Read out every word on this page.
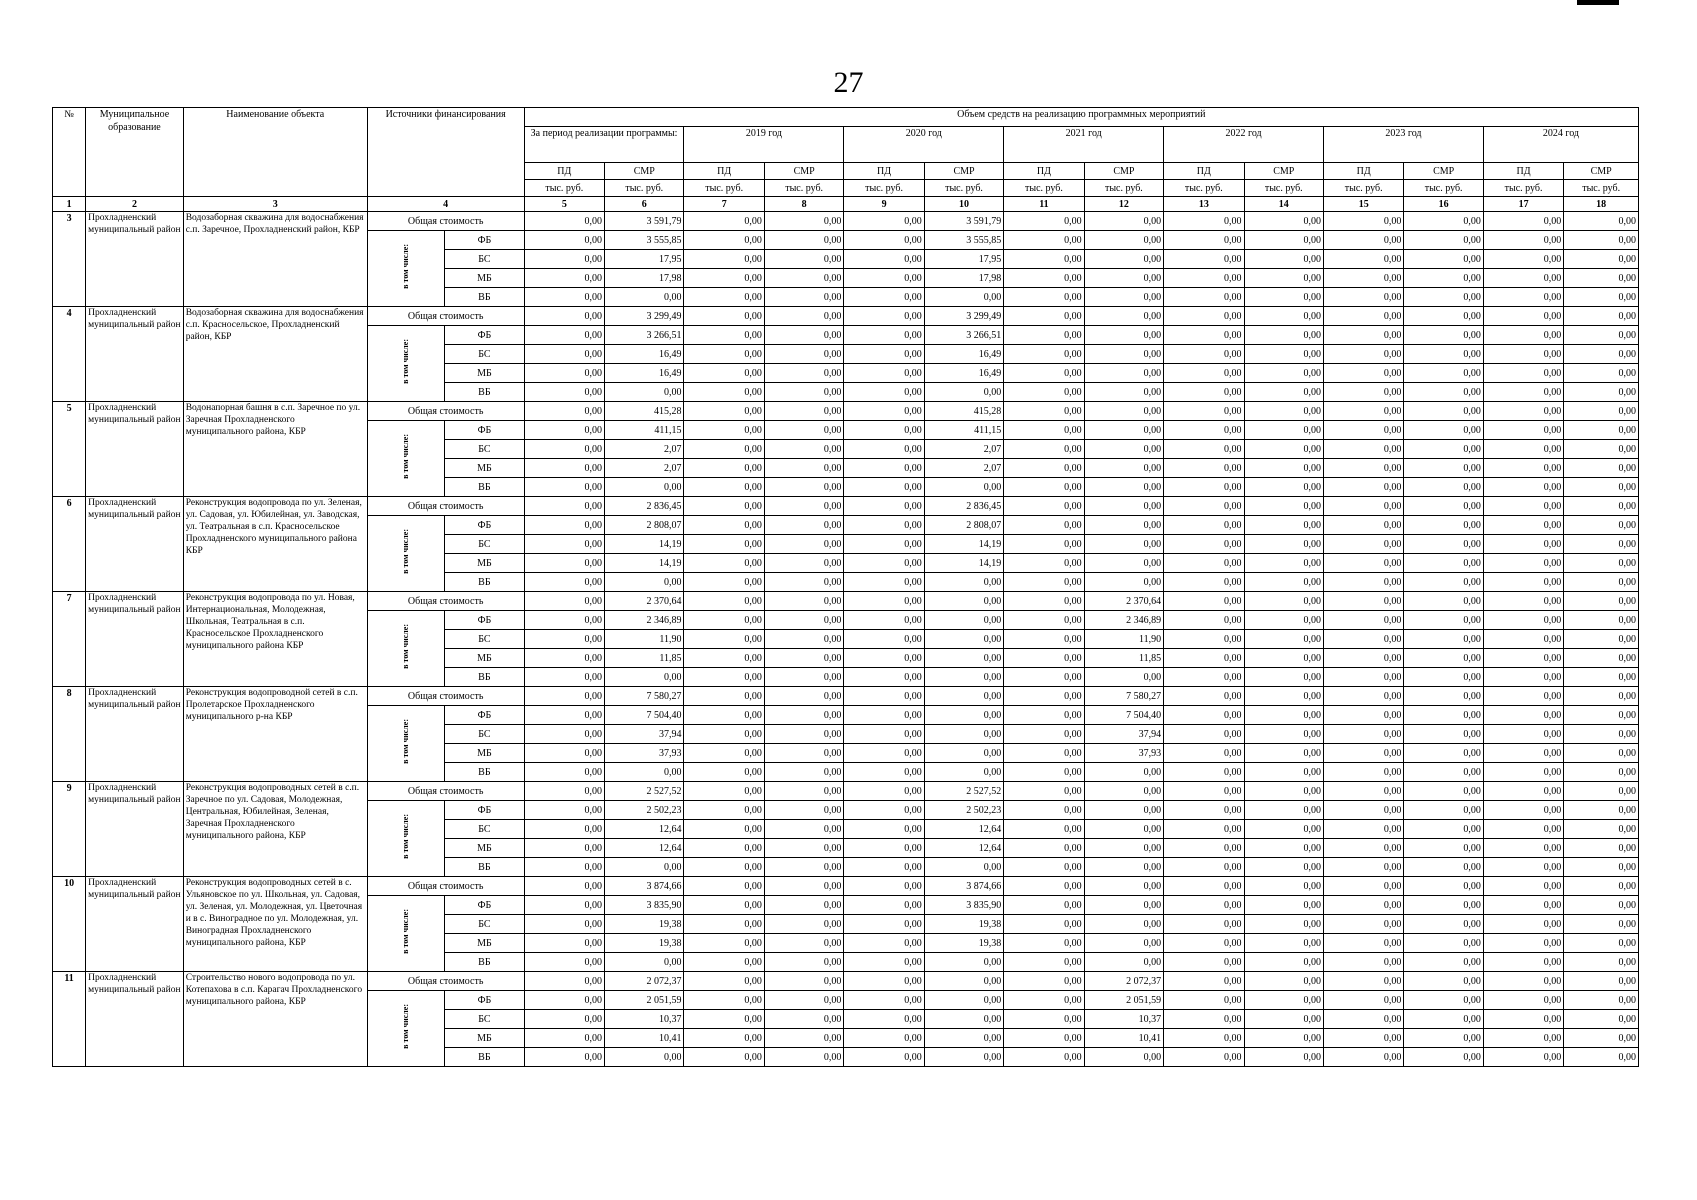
27
№	Муниципальное образование	Наименование объекта	Источники финансирования		Объем средств на реализацию программных мероприятий													
					За период реализации программы:		2019 год		2020 год		2021 год		2022 год		2023 год		2024 год	
					ПД	СМР	ПД	СМР	ПД	СМР	ПД	СМР	ПД	СМР	ПД	СМР	ПД	СМР
					тыс. руб.	тыс. руб.	тыс. руб.	тыс. руб.	тыс. руб.	тыс. руб.	тыс. руб.	тыс. руб.	тыс. руб.	тыс. руб.	тыс. руб.	тыс. руб.	тыс. руб.	тыс. руб.
1	2	3	4		5	6	7	8	9	10	11	12	13	14	15	16	17	18
3	Прохладненский муниципальный район	Водозаборная скважина для водоснабжения с.п. Заречное, Прохладненский район, КБР	Общая стоимость		0,00	3 591,79	0,00	0,00	0,00	3 591,79	0,00	0,00	0,00	0,00	0,00	0,00	0,00	0,00
			в том числе:	ФБ	0,00	3 555,85	0,00	0,00	0,00	3 555,85	0,00	0,00	0,00	0,00	0,00	0,00	0,00	0,00
				БС	0,00	17,95	0,00	0,00	0,00	17,95	0,00	0,00	0,00	0,00	0,00	0,00	0,00	0,00
				МБ	0,00	17,98	0,00	0,00	0,00	17,98	0,00	0,00	0,00	0,00	0,00	0,00	0,00	0,00
				ВБ	0,00	0,00	0,00	0,00	0,00	0,00	0,00	0,00	0,00	0,00	0,00	0,00	0,00	0,00
4	Прохладненский муниципальный район	Водозаборная скважина для водоснабжения с.п. Красносельское, Прохладненский район, КБР	Общая стоимость		0,00	3 299,49	0,00	0,00	0,00	3 299,49	0,00	0,00	0,00	0,00	0,00	0,00	0,00	0,00
			в том числе:	ФБ	0,00	3 266,51	0,00	0,00	0,00	3 266,51	0,00	0,00	0,00	0,00	0,00	0,00	0,00	0,00
				БС	0,00	16,49	0,00	0,00	0,00	16,49	0,00	0,00	0,00	0,00	0,00	0,00	0,00	0,00
				МБ	0,00	16,49	0,00	0,00	0,00	16,49	0,00	0,00	0,00	0,00	0,00	0,00	0,00	0,00
				ВБ	0,00	0,00	0,00	0,00	0,00	0,00	0,00	0,00	0,00	0,00	0,00	0,00	0,00	0,00
5	Прохладненский муниципальный район	Водонапорная башня в с.п. Заречное по ул. Заречная Прохладненского муниципального района, КБР	Общая стоимость		0,00	415,28	0,00	0,00	0,00	415,28	0,00	0,00	0,00	0,00	0,00	0,00	0,00	0,00
			в том числе:	ФБ	0,00	411,15	0,00	0,00	0,00	411,15	0,00	0,00	0,00	0,00	0,00	0,00	0,00	0,00
				БС	0,00	2,07	0,00	0,00	0,00	2,07	0,00	0,00	0,00	0,00	0,00	0,00	0,00	0,00
				МБ	0,00	2,07	0,00	0,00	0,00	2,07	0,00	0,00	0,00	0,00	0,00	0,00	0,00	0,00
				ВБ	0,00	0,00	0,00	0,00	0,00	0,00	0,00	0,00	0,00	0,00	0,00	0,00	0,00	0,00
6	Прохладненский муниципальный район	Реконструкция водопровода по ул. Зеленая, ул. Садовая, ул. Юбилейная, ул. Заводская, ул. Театральная в с.п. Красносельское Прохладненского муниципального района КБР	Общая стоимость		0,00	2 836,45	0,00	0,00	0,00	2 836,45	0,00	0,00	0,00	0,00	0,00	0,00	0,00	0,00
			в том числе:	ФБ	0,00	2 808,07	0,00	0,00	0,00	2 808,07	0,00	0,00	0,00	0,00	0,00	0,00	0,00	0,00
				БС	0,00	14,19	0,00	0,00	0,00	14,19	0,00	0,00	0,00	0,00	0,00	0,00	0,00	0,00
				МБ	0,00	14,19	0,00	0,00	0,00	14,19	0,00	0,00	0,00	0,00	0,00	0,00	0,00	0,00
				ВБ	0,00	0,00	0,00	0,00	0,00	0,00	0,00	0,00	0,00	0,00	0,00	0,00	0,00	0,00
7	Прохладненский муниципальный район	Реконструкция водопровода по ул. Новая, Интернациональная, Молодежная, Школьная, Театральная в с.п. Красносельское Прохладненского муниципального района КБР	Общая стоимость		0,00	2 370,64	0,00	0,00	0,00	0,00	0,00	2 370,64	0,00	0,00	0,00	0,00	0,00	0,00
			в том числе:	ФБ	0,00	2 346,89	0,00	0,00	0,00	0,00	0,00	2 346,89	0,00	0,00	0,00	0,00	0,00	0,00
				БС	0,00	11,90	0,00	0,00	0,00	0,00	0,00	11,90	0,00	0,00	0,00	0,00	0,00	0,00
				МБ	0,00	11,85	0,00	0,00	0,00	0,00	0,00	11,85	0,00	0,00	0,00	0,00	0,00	0,00
				ВБ	0,00	0,00	0,00	0,00	0,00	0,00	0,00	0,00	0,00	0,00	0,00	0,00	0,00	0,00
8	Прохладненский муниципальный район	Реконструкция водопроводной сетей в с.п. Пролетарское Прохладненского муниципального р-на КБР	Общая стоимость		0,00	7 580,27	0,00	0,00	0,00	0,00	0,00	7 580,27	0,00	0,00	0,00	0,00	0,00	0,00
			в том числе:	ФБ	0,00	7 504,40	0,00	0,00	0,00	0,00	0,00	7 504,40	0,00	0,00	0,00	0,00	0,00	0,00
				БС	0,00	37,94	0,00	0,00	0,00	0,00	0,00	37,94	0,00	0,00	0,00	0,00	0,00	0,00
				МБ	0,00	37,93	0,00	0,00	0,00	0,00	0,00	37,93	0,00	0,00	0,00	0,00	0,00	0,00
				ВБ	0,00	0,00	0,00	0,00	0,00	0,00	0,00	0,00	0,00	0,00	0,00	0,00	0,00	0,00
9	Прохладненский муниципальный район	Реконструкция водопроводных сетей в с.п. Заречное по ул. Садовая, Молодежная, Центральная, Юбилейная, Зеленая, Заречная Прохладненского муниципального района, КБР	Общая стоимость		0,00	2 527,52	0,00	0,00	0,00	2 527,52	0,00	0,00	0,00	0,00	0,00	0,00	0,00	0,00
			в том числе:	ФБ	0,00	2 502,23	0,00	0,00	0,00	2 502,23	0,00	0,00	0,00	0,00	0,00	0,00	0,00	0,00
				БС	0,00	12,64	0,00	0,00	0,00	12,64	0,00	0,00	0,00	0,00	0,00	0,00	0,00	0,00
				МБ	0,00	12,64	0,00	0,00	0,00	12,64	0,00	0,00	0,00	0,00	0,00	0,00	0,00	0,00
				ВБ	0,00	0,00	0,00	0,00	0,00	0,00	0,00	0,00	0,00	0,00	0,00	0,00	0,00	0,00
10	Прохладненский муниципальный район	Реконструкция водопроводных сетей в с. Ульяновское по ул. Школьная, ул. Садовая, ул. Зеленая, ул. Молодежная, ул. Цветочная и в с. Виноградное по ул. Молодежная, ул. Виноградная Прохладненского муниципального района, КБР	Общая стоимость		0,00	3 874,66	0,00	0,00	0,00	3 874,66	0,00	0,00	0,00	0,00	0,00	0,00	0,00	0,00
			в том числе:	ФБ	0,00	3 835,90	0,00	0,00	0,00	3 835,90	0,00	0,00	0,00	0,00	0,00	0,00	0,00	0,00
				БС	0,00	19,38	0,00	0,00	0,00	19,38	0,00	0,00	0,00	0,00	0,00	0,00	0,00	0,00
				МБ	0,00	19,38	0,00	0,00	0,00	19,38	0,00	0,00	0,00	0,00	0,00	0,00	0,00	0,00
				ВБ	0,00	0,00	0,00	0,00	0,00	0,00	0,00	0,00	0,00	0,00	0,00	0,00	0,00	0,00
11	Прохладненский муниципальный район	Строительство нового водопровода по ул. Котепахова в с.п. Карагач Прохладненского муниципального района, КБР	Общая стоимость		0,00	2 072,37	0,00	0,00	0,00	0,00	0,00	2 072,37	0,00	0,00	0,00	0,00	0,00	0,00
			в том числе:	ФБ	0,00	2 051,59	0,00	0,00	0,00	0,00	0,00	2 051,59	0,00	0,00	0,00	0,00	0,00	0,00
				БС	0,00	10,37	0,00	0,00	0,00	0,00	0,00	10,37	0,00	0,00	0,00	0,00	0,00	0,00
				МБ	0,00	10,41	0,00	0,00	0,00	0,00	0,00	10,41	0,00	0,00	0,00	0,00	0,00	0,00
				ВБ	0,00	0,00	0,00	0,00	0,00	0,00	0,00	0,00	0,00	0,00	0,00	0,00	0,00	0,00
